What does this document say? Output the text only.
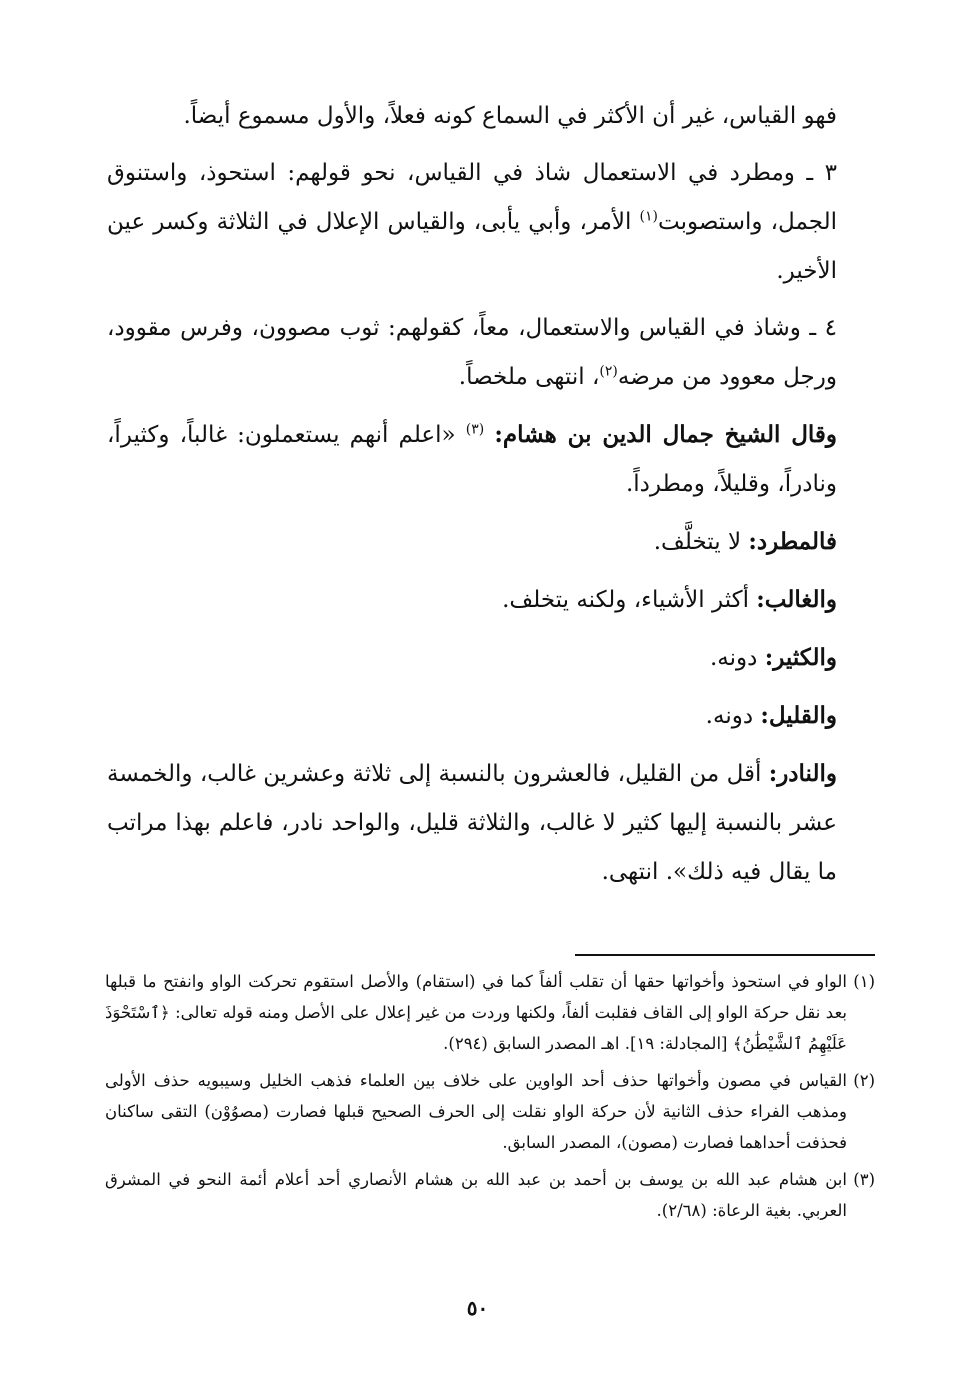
فهو القياس، غير أن الأكثر في السماع كونه فعلاً، والأول مسموع أيضاً.

٣ ـ ومطرد في الاستعمال شاذ في القياس، نحو قولهم: استحوذ، واستنوق الجمل، واستصوبت$^{(١)}$ الأمر، وأبي يأبى، والقياس الإعلال في الثلاثة وكسر عين الأخير.

٤ ـ وشاذ في القياس والاستعمال، معاً، كقولهم: ثوب مصوون، وفرس مقوود، ورجل معوود من مرضه$^{(٢)}$، انتهى ملخصاً.

وقال الشيخ جمال الدين بن هشام: $^{(٣)}$ «اعلم أنهم يستعملون: غالباً، وكثيراً، ونادراً، وقليلاً، ومطرداً.

فالمطرد: لا يتخلَّف.

والغالب: أكثر الأشياء، ولكنه يتخلف.

والكثير: دونه.

والقليل: دونه.

والنادر: أقل من القليل، فالعشرون بالنسبة إلى ثلاثة وعشرين غالب، والخمسة عشر بالنسبة إليها كثير لا غالب، والثلاثة قليل، والواحد نادر، فاعلم بهذا مراتب ما يقال فيه ذلك». انتهى.

(١)
الواو في استحوذ وأخواتها حقها أن تقلب ألفاً كما في (استقام) والأصل استقوم تحركت الواو وانفتح ما قبلها بعد نقل حركة الواو إلى القاف فقلبت ألفاً، ولكنها وردت من غير إعلال على الأصل ومنه قوله تعالى: ﴿ٱسْتَحْوَذَ عَلَيْهِمُ ٱلشَّيْطَٰنُ﴾ [المجادلة: ١٩]. اهـ المصدر السابق (٢٩٤).
(٢)
القياس في مصون وأخواتها حذف أحد الواوين على خلاف بين العلماء فذهب الخليل وسيبويه حذف الأولى ومذهب الفراء حذف الثانية لأن حركة الواو نقلت إلى الحرف الصحيح قبلها فصارت (مصوُوْن) التقى ساكنان فحذفت أحداهما فصارت (مصون)، المصدر السابق.
(٣)
ابن هشام عبد الله بن يوسف بن أحمد بن عبد الله بن هشام الأنصاري أحد أعلام أئمة النحو في المشرق العربي. بغية الرعاة: (٢/٦٨).
٥٠
